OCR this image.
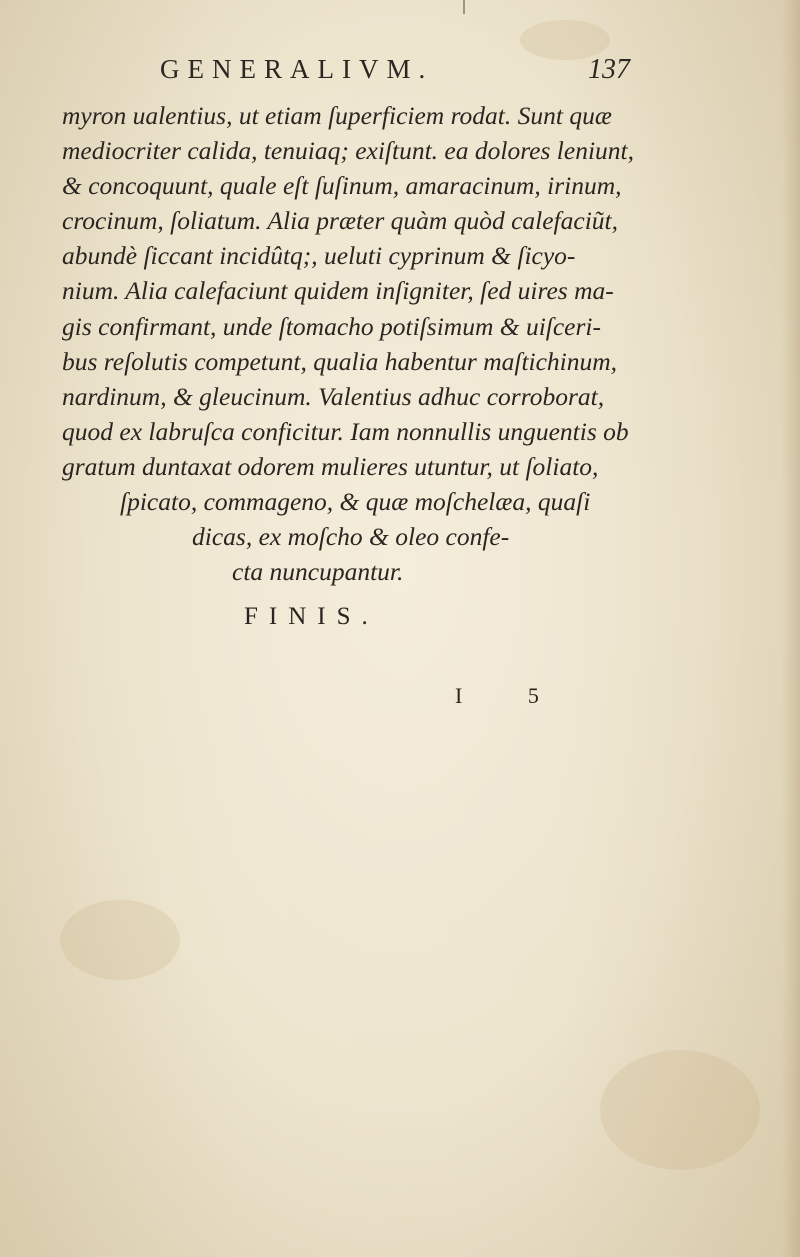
GENERALIVM.	137
myron ualentius, ut etiam ſuperficiem rodat. Sunt quæ
mediocriter calida, tenuiaq; exiſtunt. ea dolores leniunt,
& concoquunt, quale eſt ſuſinum, amaracinum, irinum,
crocinum, ſoliatum. Alia præter quàm quòd calefaciũt,
abundè ſiccant incidûtq;, ueluti cyprinum & ſicyo-
nium. Alia calefaciunt quidem inſigniter, ſed uires ma-
gis confirmant, unde ſtomacho potiſsimum & uiſceri-
bus reſolutis competunt, qualia habentur maſtichinum,
nardinum, & gleucinum. Valentius adhuc corroborat,
quod ex labruſca conficitur. Iam nonnullis unguentis ob
gratum duntaxat odorem mulieres utuntur, ut ſoliato,
ſpicato, commageno, & quæ moſchelæa, quaſi
dicas, ex moſcho & oleo confe-
cta nuncupantur.
FINIS.
I 5
